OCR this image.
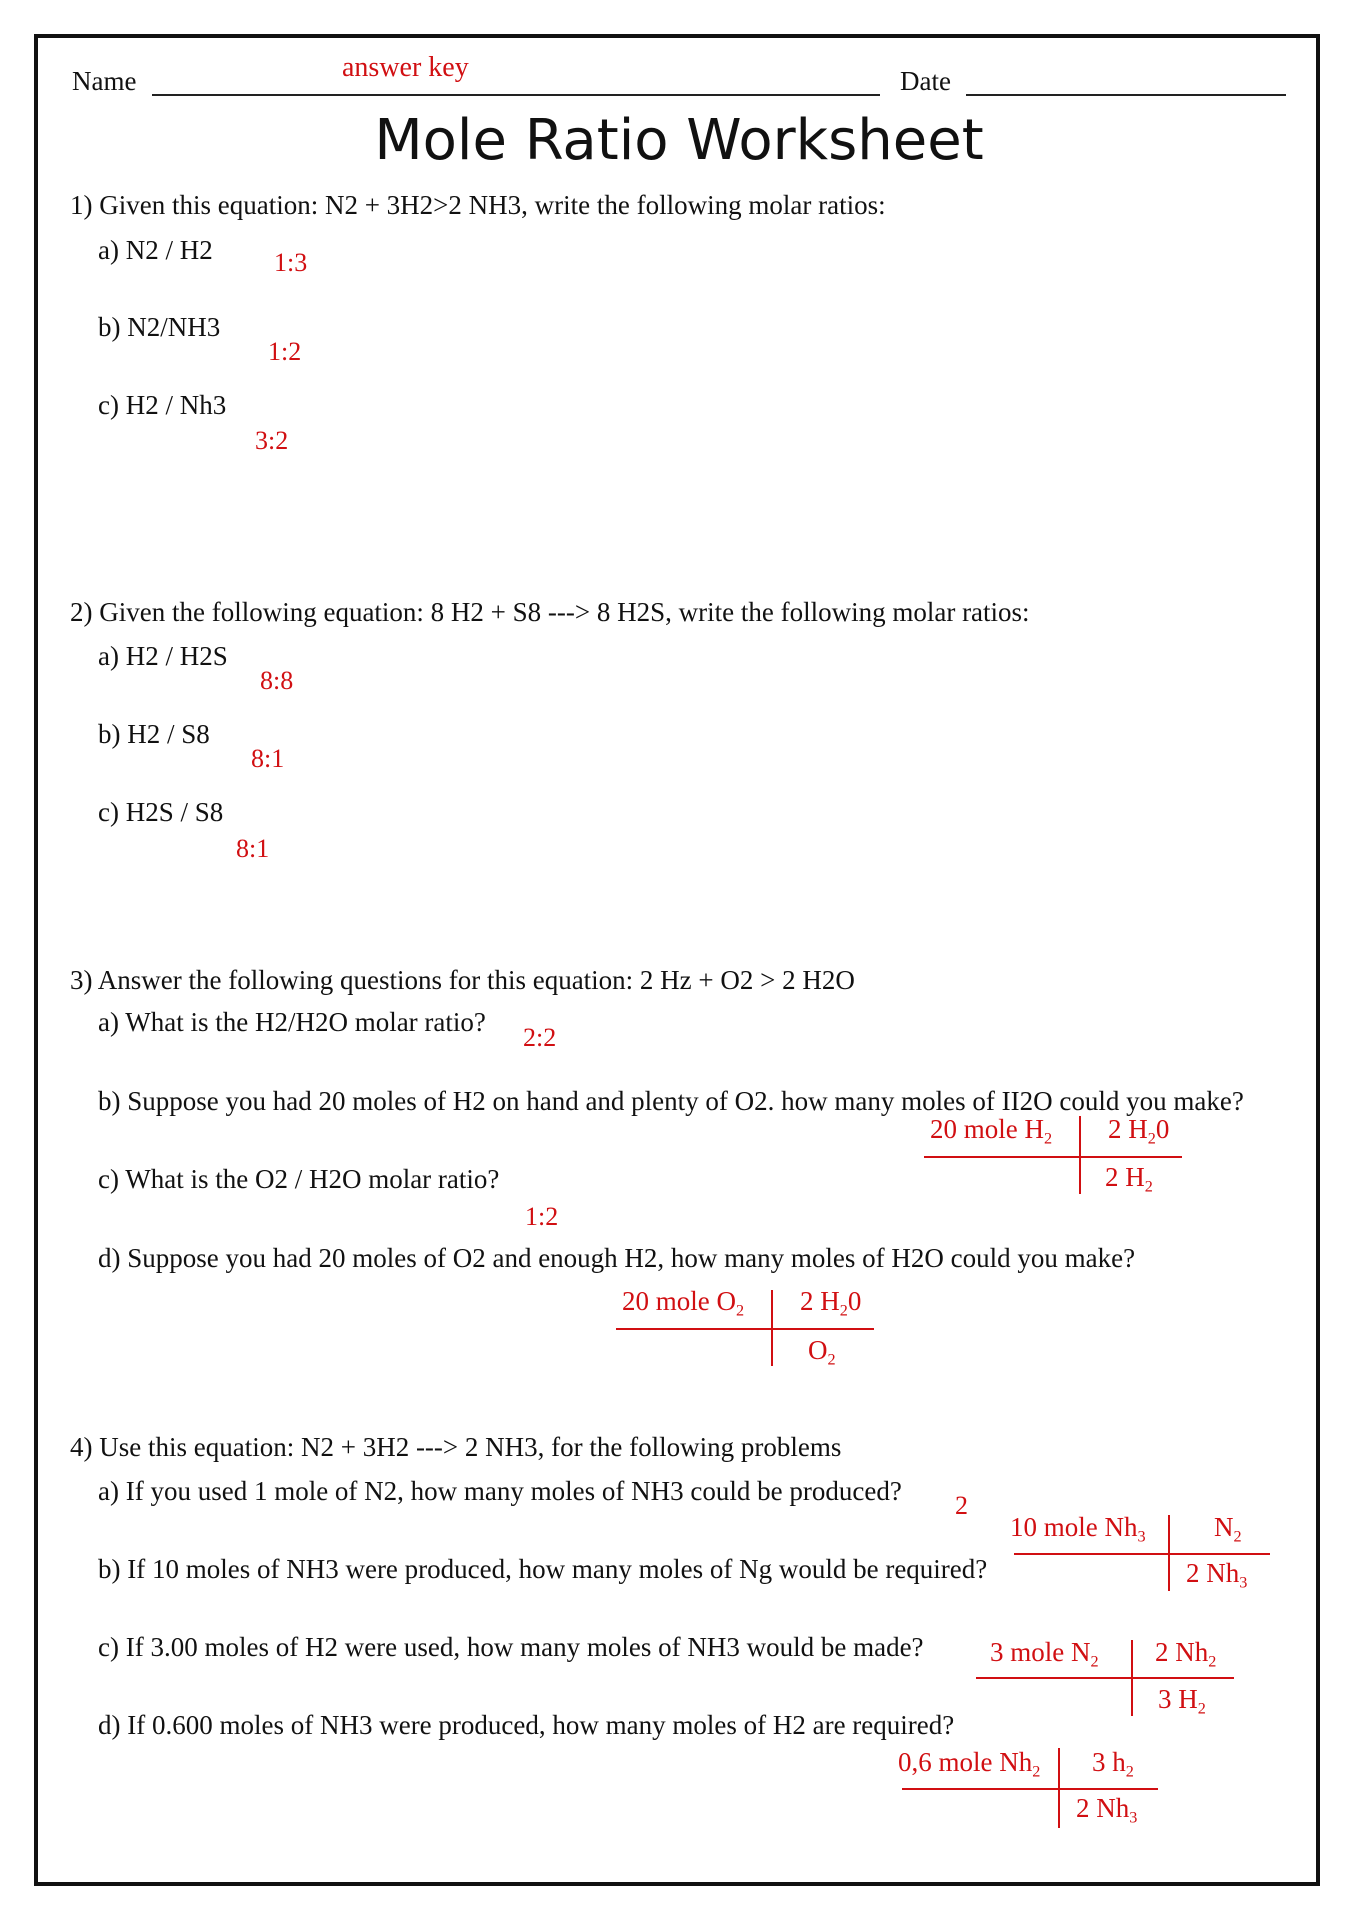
Name	answer key	Date
Mole Ratio Worksheet
1) Given this equation: N2 + 3H2>2 NH3, write the following molar ratios:
a) N2 / H2 1:3
b) N2/NH3
1:2
c) H2 / Nh3
3:2
2) Given the following equation: 8 H2 + S8 ---> 8 H2S, write the following molar ratios:
a) H2 / H2S
8:8
b) H2 / S8
8:1
c) H2S / S8
8:1
3) Answer the following questions for this equation: 2 Hz + O2 > 2 H2O
a) What is the H2/H2O molar ratio?
2:2
b) Suppose you had 20 moles of H2 on hand and plenty of O2. how many moles of II2O could you make?
20 mole $H_2$ 2 $H_20$
2 $H_2$
c) What is the O2 / H2O molar ratio?
1:2
d) Suppose you had 20 moles of O2 and enough H2, how many moles of H2O could you make?
20 mole $O_2$ 2 $H_20$
$O_2$
4) Use this equation: N2 + 3H2 ---> 2 NH3, for the following problems
a) If you used 1 mole of N2, how many moles of NH3 could be produced? 2
b) If 10 moles of NH3 were produced, how many moles of Ng would be required?
10 mole $Nh_3$	$N_2$
2 $Nh_3$
c) If 3.00 moles of H2 were used, how many moles of NH3 would be made? 3 mole $N_2$ 2 $Nh_2$
3 $H_2$
d) If 0.600 moles of NH3 were produced, how many moles of H2 are required?
0,6 mole $Nh_2$ 3 $h_2$
2 $Nh_3$
